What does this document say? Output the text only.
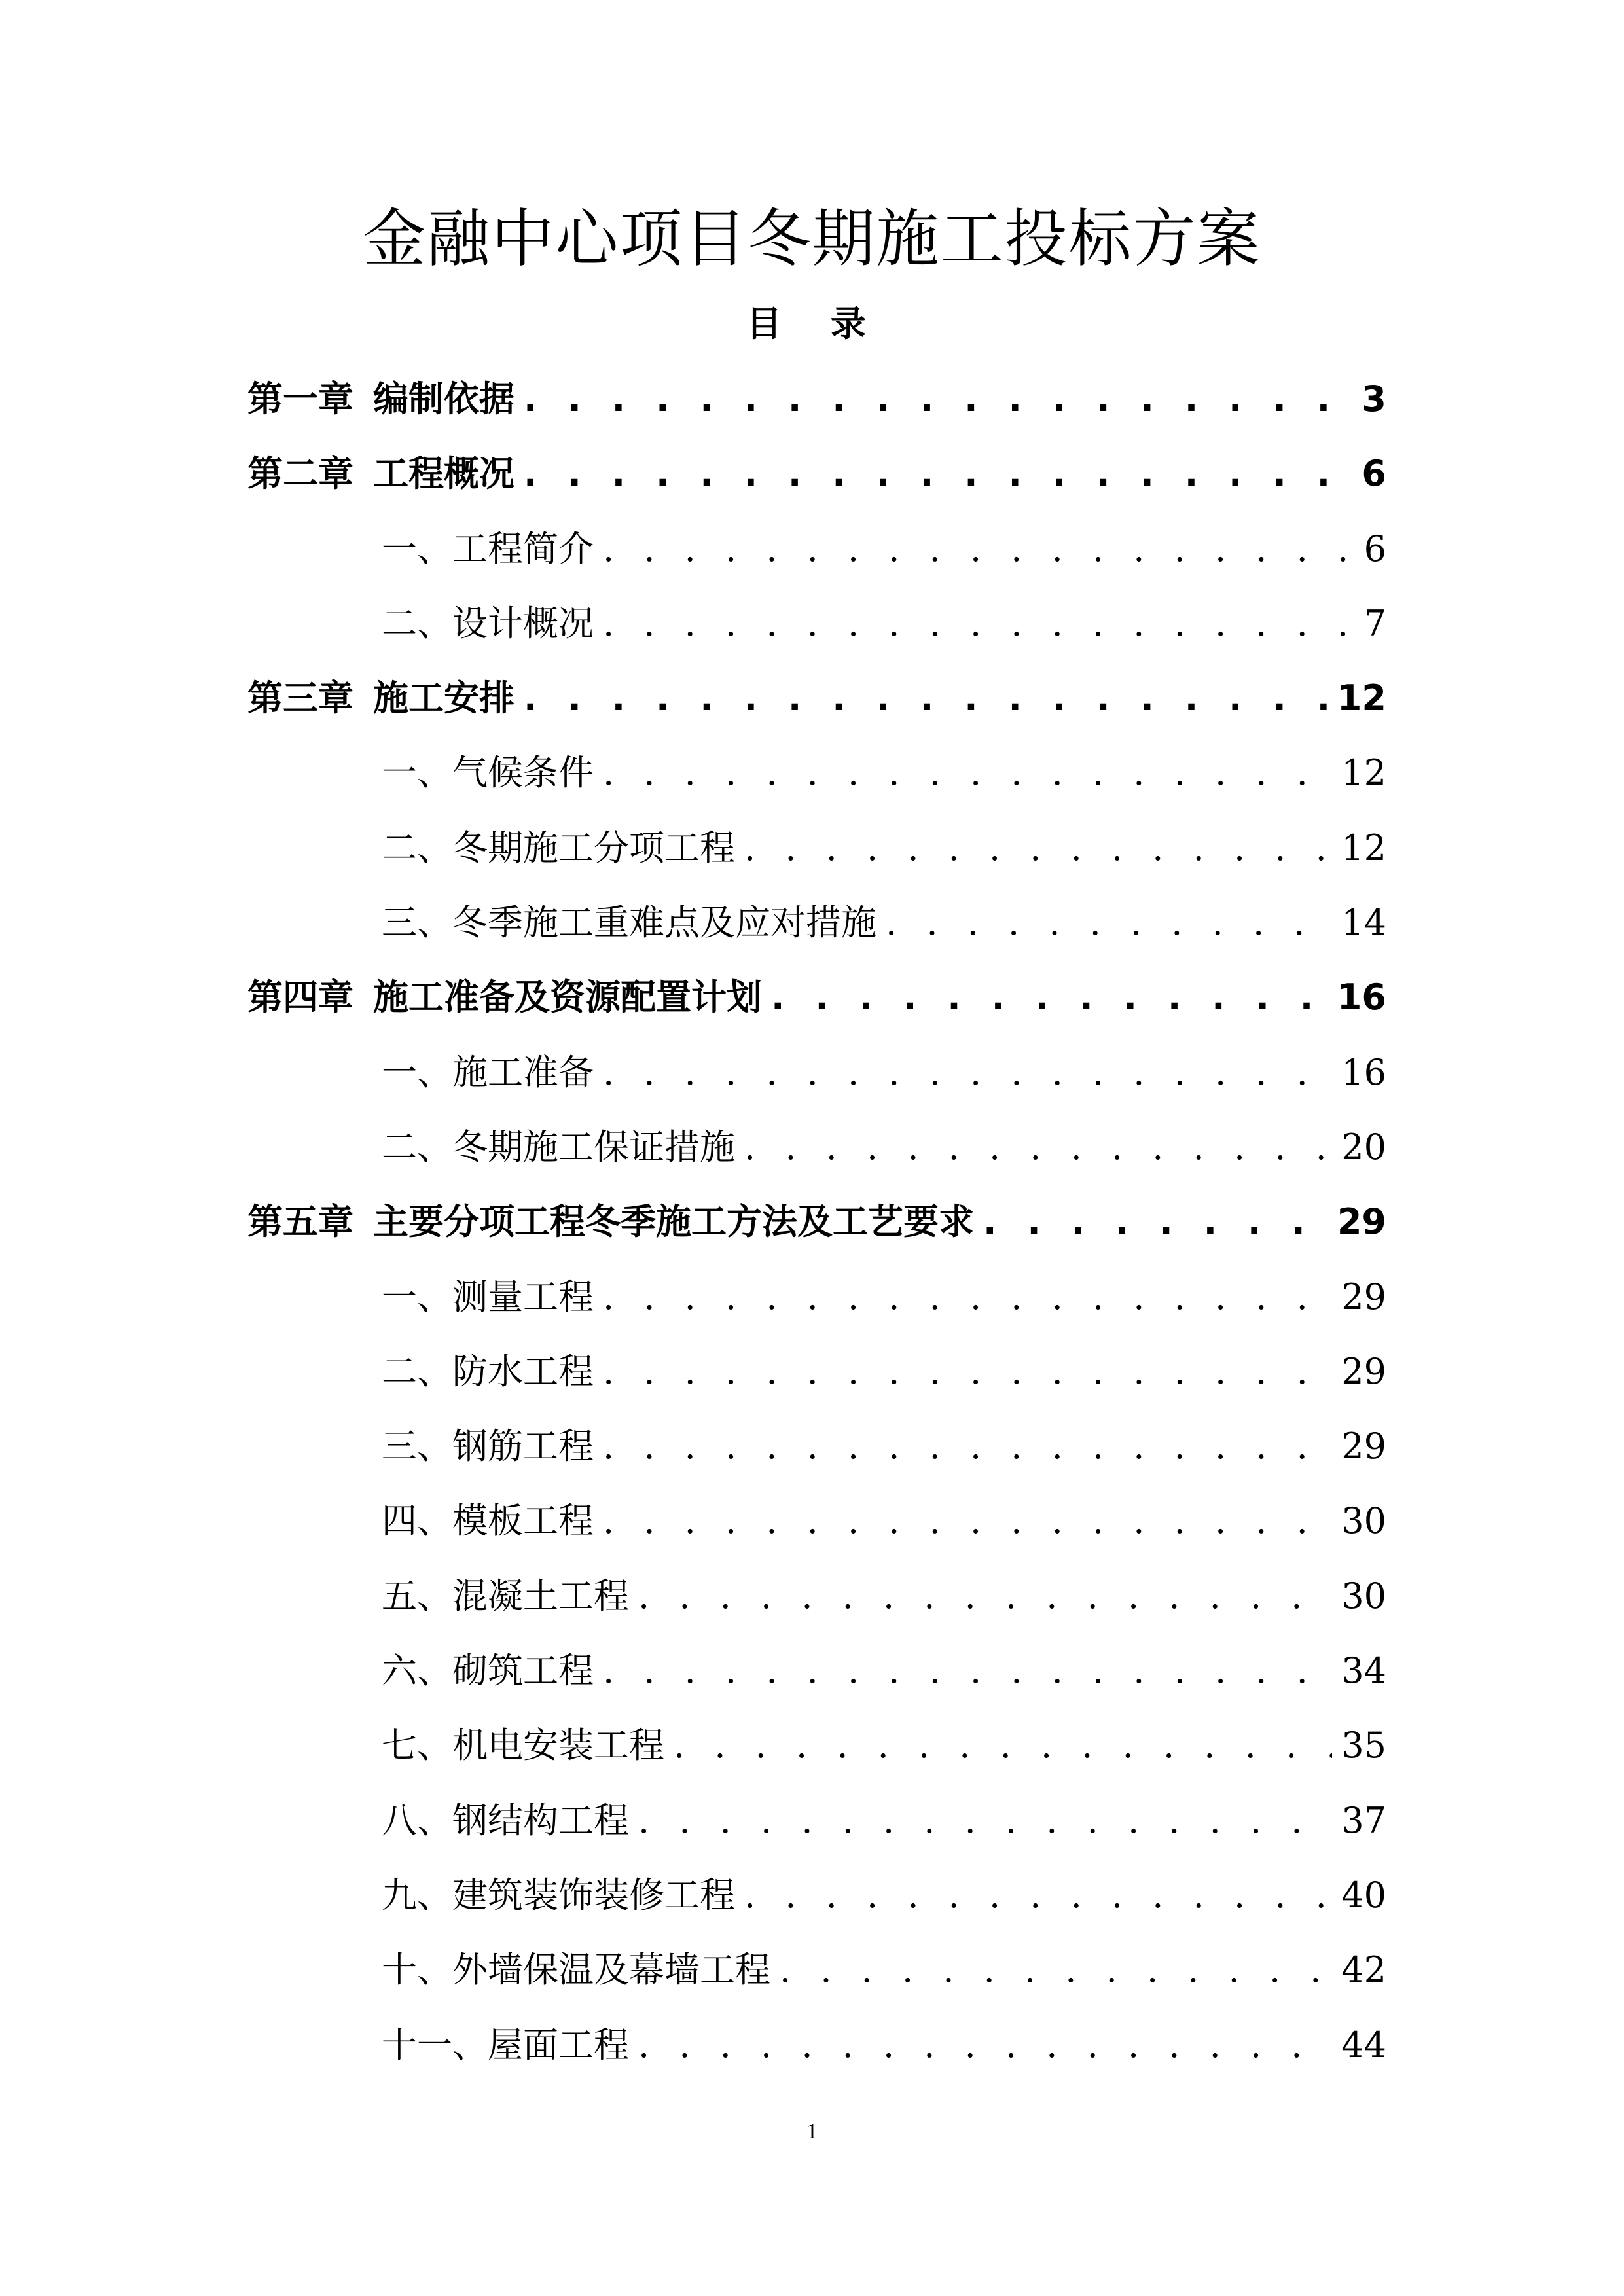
金融中心项目冬期施工投标方案
目 录
第一章 编制依据 . . .	3
第二章 工程概况 . . .	6
一、工程简介 . . .	6
二、设计概况 . . .	7
第三章 施工安排 . . .	12
一、气候条件 . . .	12
二、冬期施工分项工程 . . .	12
三、冬季施工重难点及应对措施 . . .	14
第四章 施工准备及资源配置计划 . . .	16
一、施工准备 . . .	16
二、冬期施工保证措施 . . .	20
第五章 主要分项工程冬季施工方法及工艺要求 . . .	29
一、测量工程 . . .	29
二、防水工程 . . .	29
三、钢筋工程 . . .	29
四、模板工程 . . .	30
五、混凝土工程 . . .	30
六、砌筑工程 . . .	34
七、机电安装工程 . . .	35
八、钢结构工程 . . .	37
九、建筑装饰装修工程 . . .	40
十、外墙保温及幕墙工程 . . .	42
十一、屋面工程 . . .	44
1
